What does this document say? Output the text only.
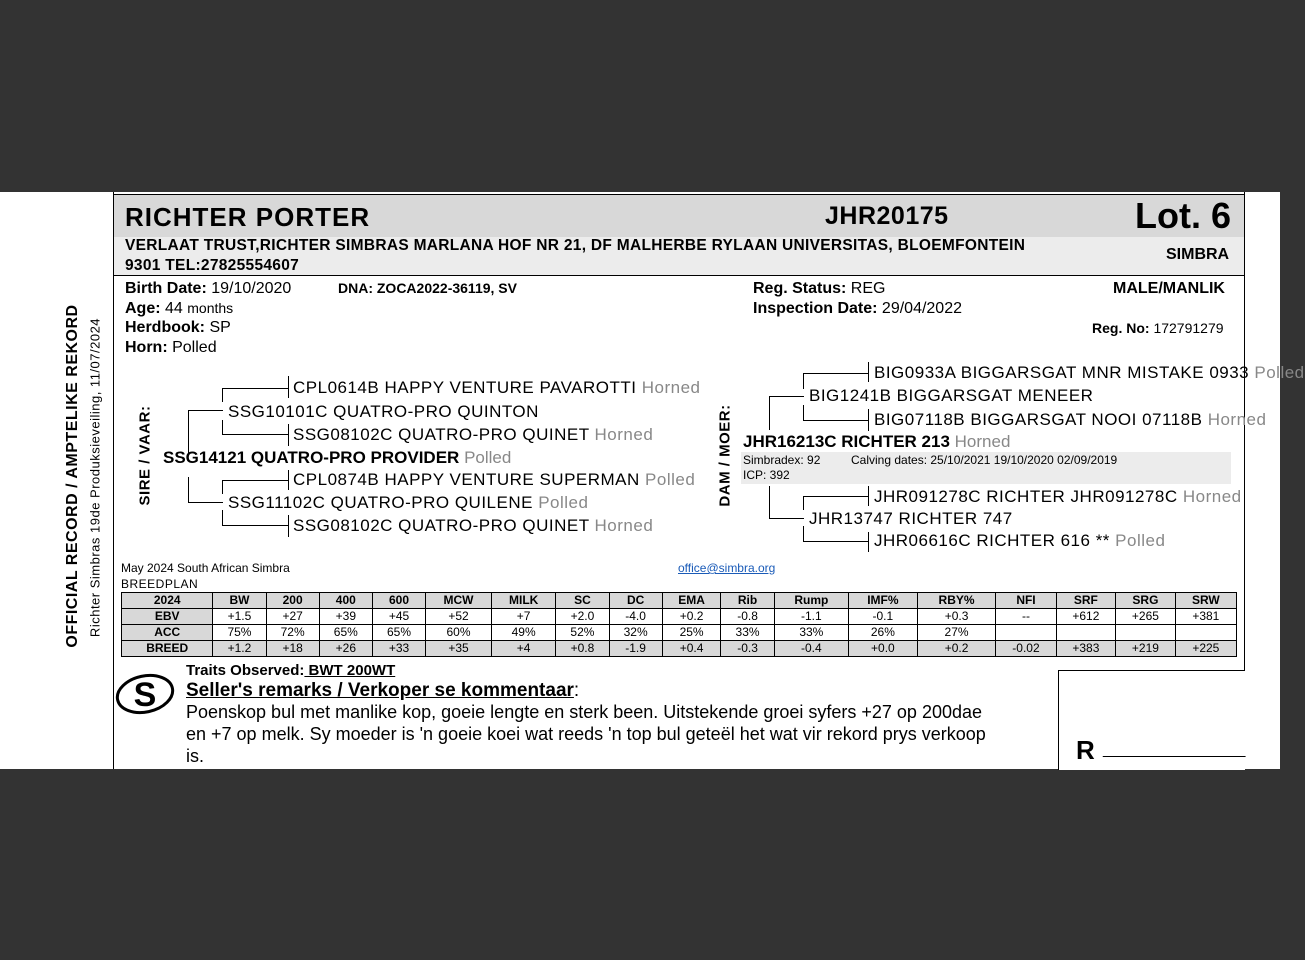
RICHTER PORTER	JHR20175	Lot. 6
VERLAAT TRUST,RICHTER SIMBRAS MARLANA HOF NR 21, DF MALHERBE RYLAAN UNIVERSITAS, BLOEMFONTEIN
9301 TEL:27825554607
SIMBRA
OFFICIAL RECORD / AMPTELIKE REKORD Richter Simbras 19de Produksieveiling, 11/07/2024
Birth Date: 19/10/2020	DNA: ZOCA2022-36119, SV
Age: 44 months
Herdbook: SP
Horn: Polled
Reg. Status: REG
Inspection Date: 29/04/2022
MALE/MANLIK
Reg. No: 172791279
SIRE / VAAR:
CPL0614B HAPPY VENTURE PAVAROTTI Horned
SSG10101C QUATRO-PRO QUINTON
SSG08102C QUATRO-PRO QUINET Horned
SSG14121 QUATRO-PRO PROVIDER Polled
CPL0874B HAPPY VENTURE SUPERMAN Polled
SSG11102C QUATRO-PRO QUILENE Polled
SSG08102C QUATRO-PRO QUINET Horned
DAM / MOER:
BIG0933A BIGGARSGAT MNR MISTAKE 0933 Polled
BIG1241B BIGGARSGAT MENEER
BIG07118B BIGGARSGAT NOOI 07118B Horned
JHR16213C RICHTER 213 Horned
Simbradex: 92	Calving dates: 25/10/2021 19/10/2020 02/09/2019
ICP: 392
JHR091278C RICHTER JHR091278C Horned
JHR13747 RICHTER 747
JHR06616C RICHTER 616 ** Polled
May 2024 South African Simbra
BREEDPLAN
office@simbra.org
2024	BW	200	400	600	MCW	MILK	SC	DC	EMA	Rib	Rump	IMF%	RBY%	NFI	SRF	SRG	SRW
EBV	+1.5	+27	+39	+45	+52	+7	+2.0	-4.0	+0.2	-0.8	-1.1	-0.1	+0.3	--	+612	+265	+381
ACC	75%	72%	65%	65%	60%	49%	52%	32%	25%	33%	33%	26%	27%				
BREED	+1.2	+18	+26	+33	+35	+4	+0.8	-1.9	+0.4	-0.3	-0.4	+0.0	+0.2	-0.02	+383	+219	+225
S
Traits Observed: BWT 200WT
Seller's remarks / Verkoper se kommentaar:
Poenskop bul met manlike kop, goeie lengte en sterk been. Uitstekende groei syfers +27 op 200dae
en +7 op melk. Sy moeder is 'n goeie koei wat reeds 'n top bul geteël het wat vir rekord prys verkoop
is.	R ________________
